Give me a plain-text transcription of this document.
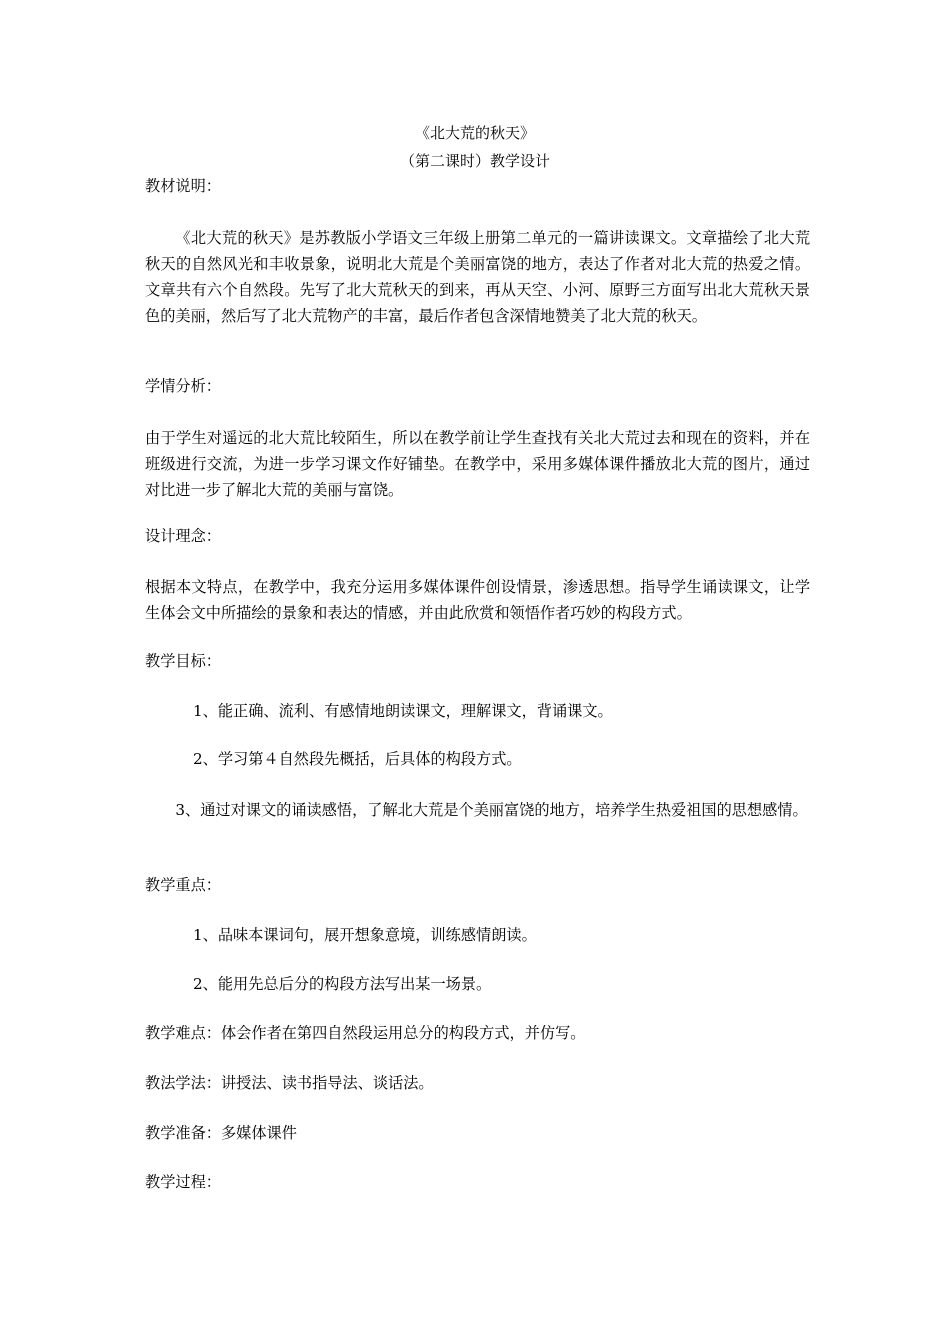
《北大荒的秋天》
（第二课时）教学设计
教材说明：
《北大荒的秋天》是苏教版小学语文三年级上册第二单元的一篇讲读课文。文章描绘了北大荒秋天的自然风光和丰收景象，说明北大荒是个美丽富饶的地方，表达了作者对北大荒的热爱之情。文章共有六个自然段。先写了北大荒秋天的到来，再从天空、小河、原野三方面写出北大荒秋天景色的美丽，然后写了北大荒物产的丰富，最后作者包含深情地赞美了北大荒的秋天。
学情分析：
由于学生对遥远的北大荒比较陌生，所以在教学前让学生查找有关北大荒过去和现在的资料，并在班级进行交流，为进一步学习课文作好铺垫。在教学中，采用多媒体课件播放北大荒的图片，通过对比进一步了解北大荒的美丽与富饶。
设计理念：
根据本文特点，在教学中，我充分运用多媒体课件创设情景，渗透思想。指导学生诵读课文，让学生体会文中所描绘的景象和表达的情感，并由此欣赏和领悟作者巧妙的构段方式。
教学目标：
1、能正确、流利、有感情地朗读课文，理解课文，背诵课文。
2、学习第４自然段先概括，后具体的构段方式。
3、通过对课文的诵读感悟，了解北大荒是个美丽富饶的地方，培养学生热爱祖国的思想感情。
教学重点：
1、品味本课词句，展开想象意境，训练感情朗读。
2、能用先总后分的构段方法写出某一场景。
教学难点：体会作者在第四自然段运用总分的构段方式，并仿写。
教法学法：讲授法、读书指导法、谈话法。
教学准备：多媒体课件
教学过程：
